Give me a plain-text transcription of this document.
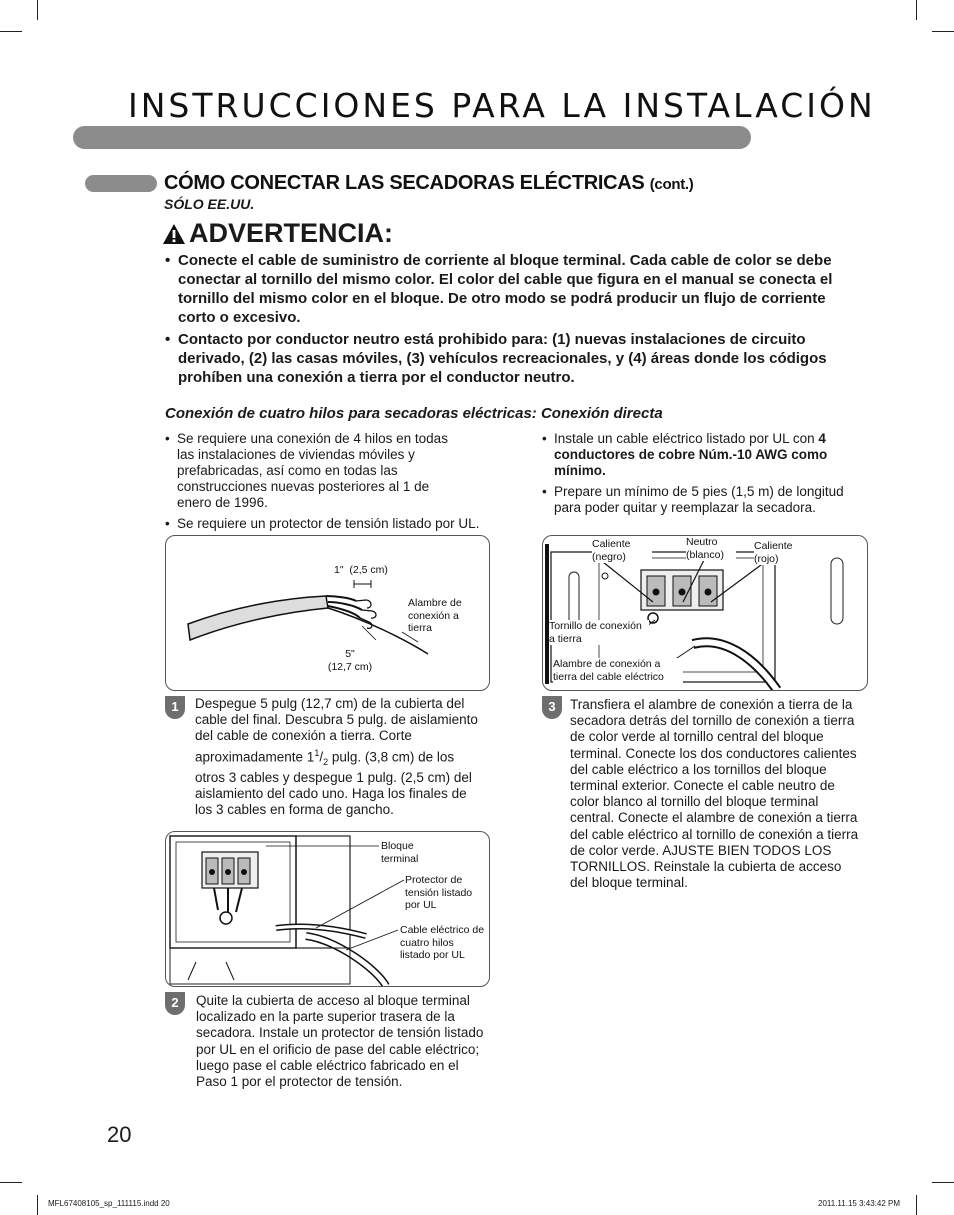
INSTRUCCIONES PARA LA INSTALACIÓN
CÓMO CONECTAR LAS SECADORAS ELÉCTRICAS (cont.)
SÓLO EE.UU.
ADVERTENCIA:
• Conecte el cable de suministro de corriente al bloque terminal. Cada cable de color se debe conectar al tornillo del mismo color. El color del cable que figura en el manual se conecta el tornillo del mismo color en el bloque. De otro modo se podrá producir un flujo de corriente corto o excesivo.
• Contacto por conductor neutro está prohibido para: (1) nuevas instalaciones de circuito derivado, (2) las casas móviles, (3) vehículos recreacionales, y (4) áreas donde los códigos prohíben una conexión a tierra por el conductor neutro.
Conexión de cuatro hilos para secadoras eléctricas: Conexión directa
• Se requiere una conexión de 4 hilos en todas las instalaciones de viviendas móviles y prefabricadas, así como en todas las construcciones nuevas posteriores al 1 de enero de 1996.
• Se requiere un protector de tensión listado por UL.
• Instale un cable eléctrico listado por UL con 4 conductores de cobre Núm.-10 AWG como mínimo.
• Prepare un mínimo de 5 pies (1,5 m) de longitud para poder quitar y reemplazar la secadora.
1" (2,5 cm)
Alambre de conexión a tierra
5"
(12,7 cm)
1	Despegue 5 pulg (12,7 cm) de la cubierta del cable del final. Descubra 5 pulg. de aislamiento del cable de conexión a tierra. Corte aproximadamente $1^1/_2$ pulg. (3,8 cm) de los otros 3 cables y despegue 1 pulg. (2,5 cm) del aislamiento del cado uno. Haga los finales de los 3 cables en forma de gancho.
Bloque terminal
Protector de tensión listado por UL
Cable eléctrico de cuatro hilos listado por UL
2	Quite la cubierta de acceso al bloque terminal localizado en la parte superior trasera de la secadora. Instale un protector de tensión listado por UL en el orificio de pase del cable eléctrico; luego pase el cable eléctrico fabricado en el Paso 1 por el protector de tensión.
Caliente (negro)
Neutro (blanco)
Caliente (rojo)
Tornillo de conexión a tierra
Alambre de conexión a tierra del cable eléctrico
3	Transfiera el alambre de conexión a tierra de la secadora detrás del tornillo de conexión a tierra de color verde al tornillo central del bloque terminal. Conecte los dos conductores calientes del cable eléctrico a los tornillos del bloque terminal exterior. Conecte el cable neutro de color blanco al tornillo del bloque terminal central. Conecte el alambre de conexión a tierra del cable eléctrico al tornillo de conexión a tierra de color verde. AJUSTE BIEN TODOS LOS TORNILLOS. Reinstale la cubierta de acceso del bloque terminal.
20
MFL67408105_sp_111115.indd 20	2011.11.15 3:43:42 PM
